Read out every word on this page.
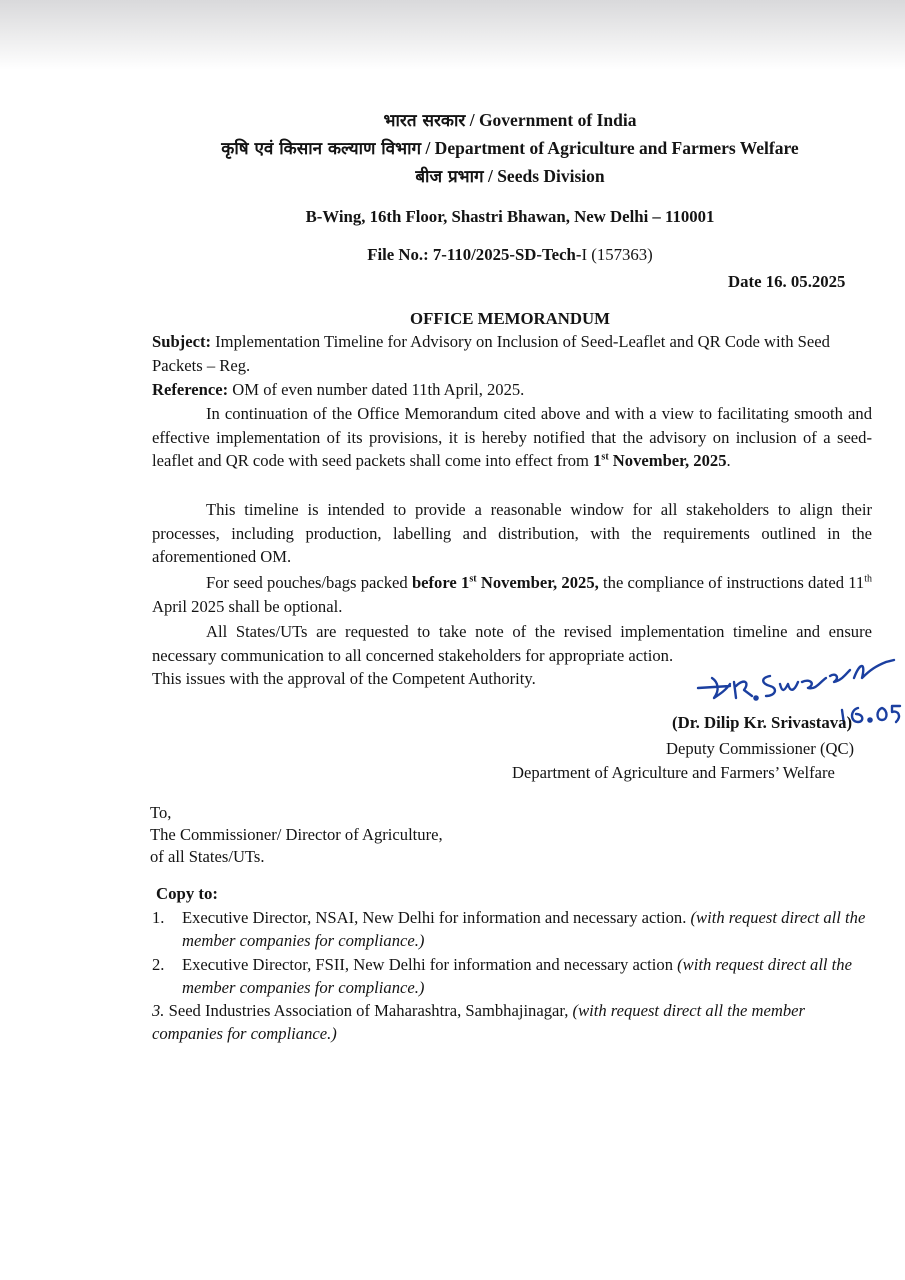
भारत सरकार / Government of India
कृषि एवं किसान कल्याण विभाग / Department of Agriculture and Farmers Welfare
बीज प्रभाग / Seeds Division
B-Wing, 16th Floor, Shastri Bhawan, New Delhi – 110001
File No.: 7-110/2025-SD-Tech-I (157363)
Date 16. 05.2025
OFFICE MEMORANDUM
Subject: Implementation Timeline for Advisory on Inclusion of Seed-Leaflet and QR Code with Seed Packets – Reg.
Reference: OM of even number dated 11th April, 2025.
In continuation of the Office Memorandum cited above and with a view to facilitating smooth and effective implementation of its provisions, it is hereby notified that the advisory on inclusion of a seed-leaflet and QR code with seed packets shall come into effect from 1st November, 2025.
This timeline is intended to provide a reasonable window for all stakeholders to align their processes, including production, labelling and distribution, with the requirements outlined in the aforementioned OM.
For seed pouches/bags packed before 1st November, 2025, the compliance of instructions dated 11th April 2025 shall be optional.
All States/UTs are requested to take note of the revised implementation timeline and ensure necessary communication to all concerned stakeholders for appropriate action.
This issues with the approval of the Competent Authority.
(Dr. Dilip Kr. Srivastava)
Deputy Commissioner (QC)
Department of Agriculture and Farmers’ Welfare
To,
The Commissioner/ Director of Agriculture,
of all States/UTs.
Copy to:
1. Executive Director, NSAI, New Delhi for information and necessary action. (with request direct all the member companies for compliance.)
2. Executive Director, FSII, New Delhi for information and necessary action (with request direct all the member companies for compliance.)
3. Seed Industries Association of Maharashtra, Sambhajinagar, (with request direct all the member companies for compliance.)
